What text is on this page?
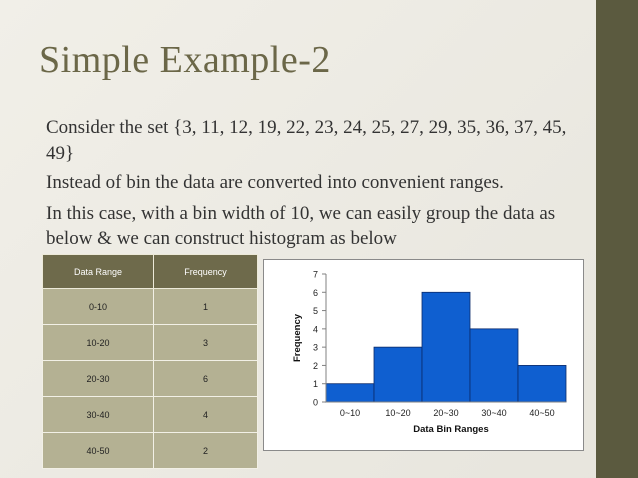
Simple Example-2

Consider the set {3, 11, 12, 19, 22, 23, 24, 25, 27, 29, 35, 36, 37, 45, 49}

Instead of bin the data are converted into convenient ranges.

In this case, with a bin width of 10, we can easily group the data as below & we can construct histogram as below

Data Range	Frequency
0-10	1
10-20	3
20-30	6
30-40	4
40-50	2
0
1
2
3
4
5
6
7
0~10	10~20	20~30	30~40	40~50
Frequency
Data Bin Ranges
